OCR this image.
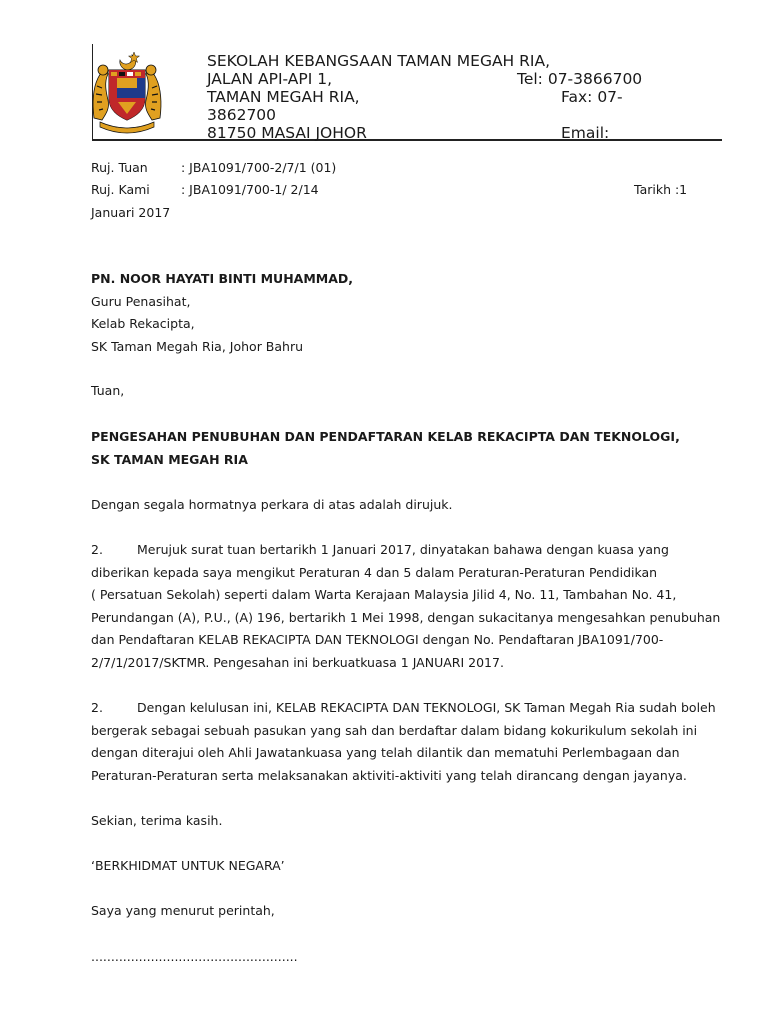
SEKOLAH KEBANGSAAN TAMAN MEGAH RIA,
JALAN API-API 1,	Tel: 07-3866700
TAMAN MEGAH RIA,	Fax: 07-
3862700
81750 MASAI JOHOR	Email:
Ruj. Tuan	: JBA1091/700-2/7/1 (01)
Ruj. Kami : JBA1091/700-1/ 2/14	Tarikh :1
Januari 2017
PN. NOOR HAYATI BINTI MUHAMMAD,
Guru Penasihat,
Kelab Rekacipta,
SK Taman Megah Ria, Johor Bahru
Tuan,
PENGESAHAN PENUBUHAN DAN PENDAFTARAN KELAB REKACIPTA DAN TEKNOLOGI,
SK TAMAN MEGAH RIA
Dengan segala hormatnya perkara di atas adalah dirujuk.
2.	Merujuk surat tuan bertarikh 1 Januari 2017, dinyatakan bahawa dengan kuasa yang
diberikan kepada saya mengikut Peraturan 4 dan 5 dalam Peraturan-Peraturan Pendidikan
( Persatuan Sekolah) seperti dalam Warta Kerajaan Malaysia Jilid 4, No. 11, Tambahan No. 41,
Perundangan (A), P.U., (A) 196, bertarikh 1 Mei 1998, dengan sukacitanya mengesahkan penubuhan
dan Pendaftaran KELAB REKACIPTA DAN TEKNOLOGI dengan No. Pendaftaran JBA1091/700-
2/7/1/2017/SKTMR. Pengesahan ini berkuatkuasa 1 JANUARI 2017.
2.	Dengan kelulusan ini, KELAB REKACIPTA DAN TEKNOLOGI, SK Taman Megah Ria sudah boleh
bergerak sebagai sebuah pasukan yang sah dan berdaftar dalam bidang kokurikulum sekolah ini
dengan diterajui oleh Ahli Jawatankuasa yang telah dilantik dan mematuhi Perlembagaan dan
Peraturan-Peraturan serta melaksanakan aktiviti-aktiviti yang telah dirancang dengan jayanya.
Sekian, terima kasih.
‘BERKHIDMAT UNTUK NEGARA’
Saya yang menurut perintah,
....................................................
